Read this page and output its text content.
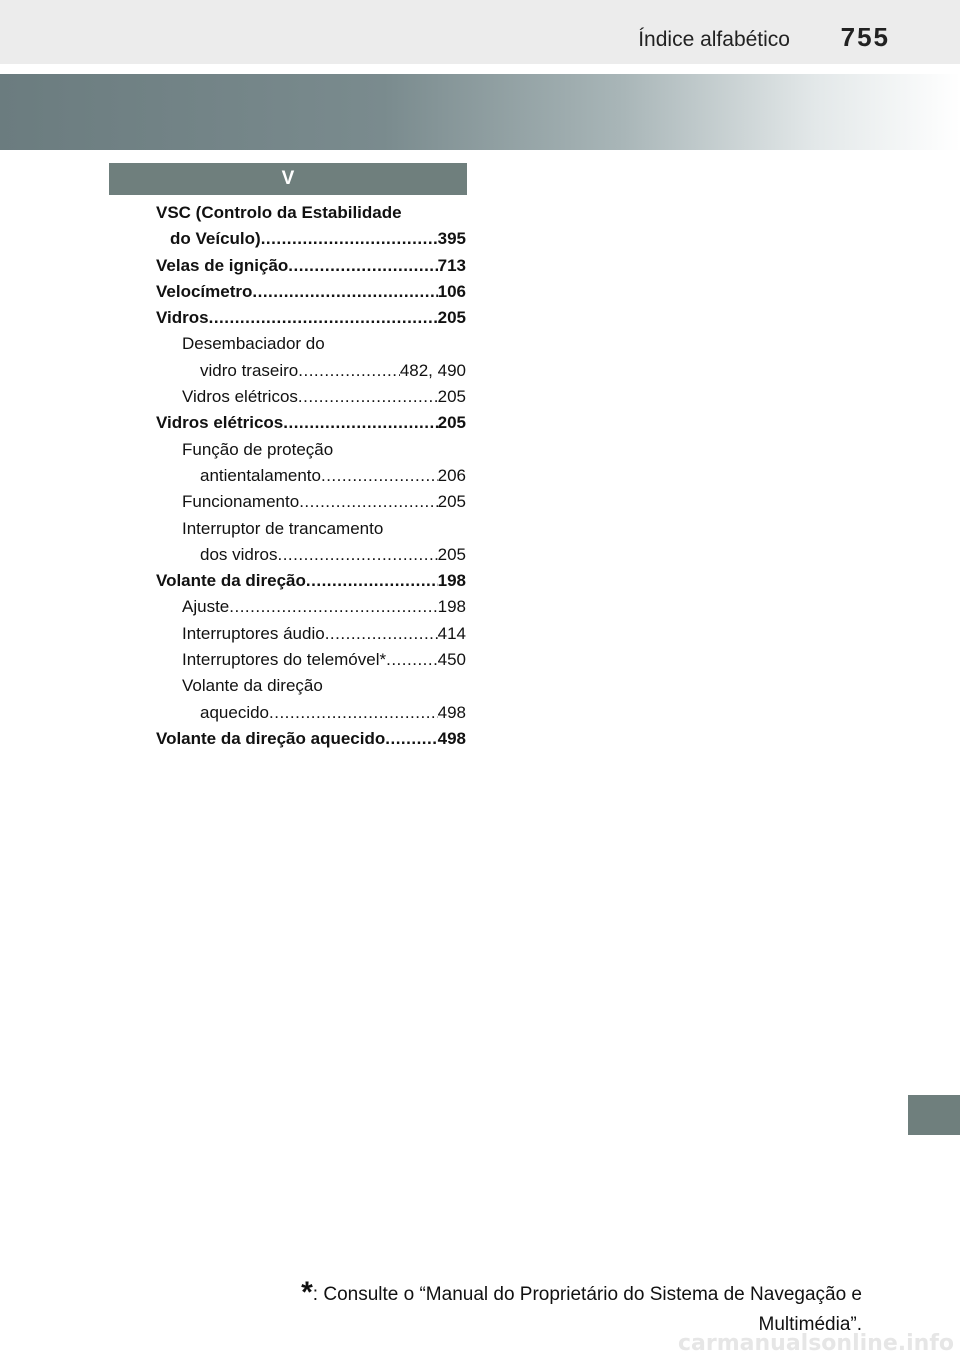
Índice alfabético 755
V
VSC (Controlo da Estabilidade
do Veículo) .....	395
Velas de ignição .....	713
Velocímetro .....	106
Vidros .....	205
Desembaciador do
vidro traseiro .....	482, 490
Vidros elétricos .....	205
Vidros elétricos .....	205
Função de proteção
antientalamento .....	206
Funcionamento .....	205
Interruptor de trancamento
dos vidros .....	205
Volante da direção .....	198
Ajuste .....	198
Interruptores áudio .....	414
Interruptores do telemóvel* .....	450
Volante da direção
aquecido .....	498
Volante da direção aquecido .....	498
*: Consulte o “Manual do Proprietário do Sistema de Navegação e
Multimédia”.
carmanualsonline.info
